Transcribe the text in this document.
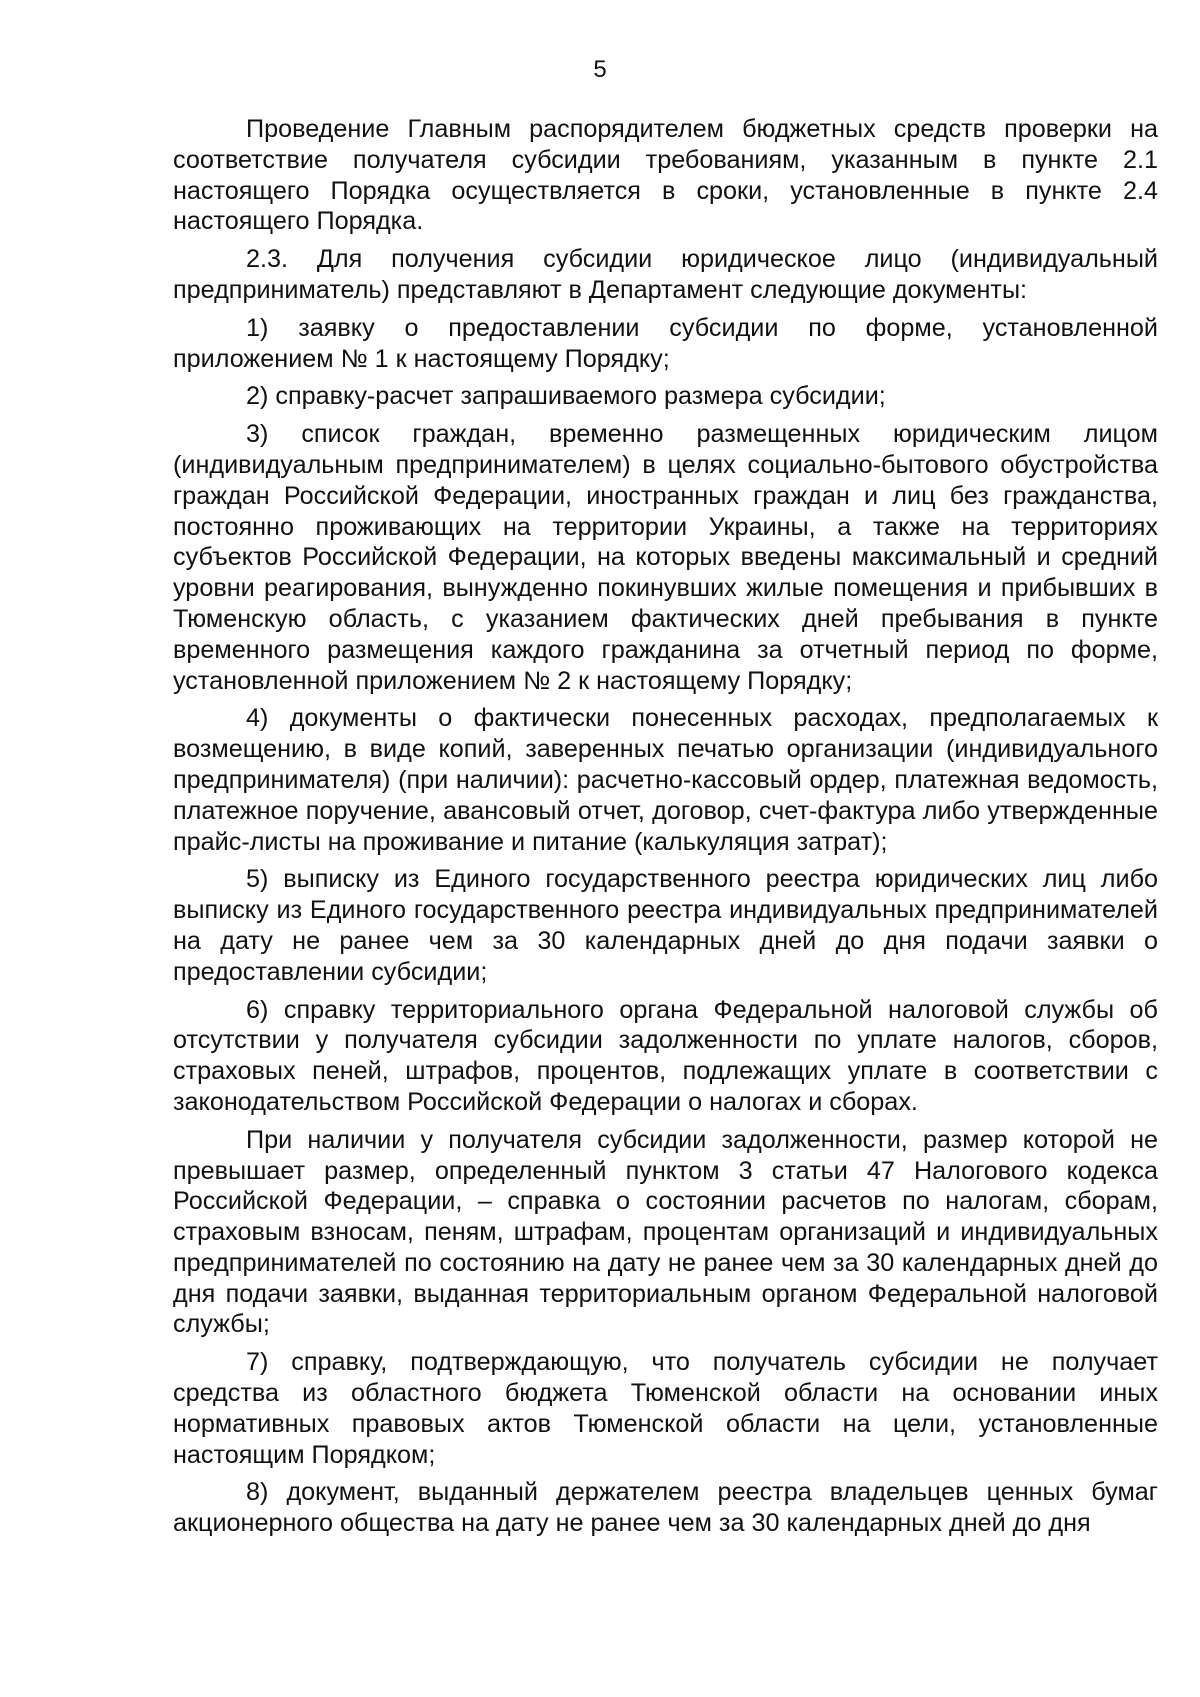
5

Проведение Главным распорядителем бюджетных средств проверки на соответствие получателя субсидии требованиям, указанным в пункте 2.1 настоящего Порядка осуществляется в сроки, установленные в пункте 2.4 настоящего Порядка.

2.3. Для получения субсидии юридическое лицо (индивидуальный предприниматель) представляют в Департамент следующие документы:

1) заявку о предоставлении субсидии по форме, установленной приложением № 1 к настоящему Порядку;

2) справку-расчет запрашиваемого размера субсидии;

3) список граждан, временно размещенных юридическим лицом (индивидуальным предпринимателем) в целях социально-бытового обустройства граждан Российской Федерации, иностранных граждан и лиц без гражданства, постоянно проживающих на территории Украины, а также на территориях субъектов Российской Федерации, на которых введены максимальный и средний уровни реагирования, вынужденно покинувших жилые помещения и прибывших в Тюменскую область, с указанием фактических дней пребывания в пункте временного размещения каждого гражданина за отчетный период по форме, установленной приложением № 2 к настоящему Порядку;

4) документы о фактически понесенных расходах, предполагаемых к возмещению, в виде копий, заверенных печатью организации (индивидуального предпринимателя) (при наличии): расчетно-кассовый ордер, платежная ведомость, платежное поручение, авансовый отчет, договор, счет-фактура либо утвержденные прайс-листы на проживание и питание (калькуляция затрат);

5) выписку из Единого государственного реестра юридических лиц либо выписку из Единого государственного реестра индивидуальных предпринимателей на дату не ранее чем за 30 календарных дней до дня подачи заявки о предоставлении субсидии;

6) справку территориального органа Федеральной налоговой службы об отсутствии у получателя субсидии задолженности по уплате налогов, сборов, страховых пеней, штрафов, процентов, подлежащих уплате в соответствии с законодательством Российской Федерации о налогах и сборах.

При наличии у получателя субсидии задолженности, размер которой не превышает размер, определенный пунктом 3 статьи 47 Налогового кодекса Российской Федерации, – справка о состоянии расчетов по налогам, сборам, страховым взносам, пеням, штрафам, процентам организаций и индивидуальных предпринимателей по состоянию на дату не ранее чем за 30 календарных дней до дня подачи заявки, выданная территориальным органом Федеральной налоговой службы;

7) справку, подтверждающую, что получатель субсидии не получает средства из областного бюджета Тюменской области на основании иных нормативных правовых актов Тюменской области на цели, установленные настоящим Порядком;

8) документ, выданный держателем реестра владельцев ценных бумаг акционерного общества на дату не ранее чем за 30 календарных дней до дня
